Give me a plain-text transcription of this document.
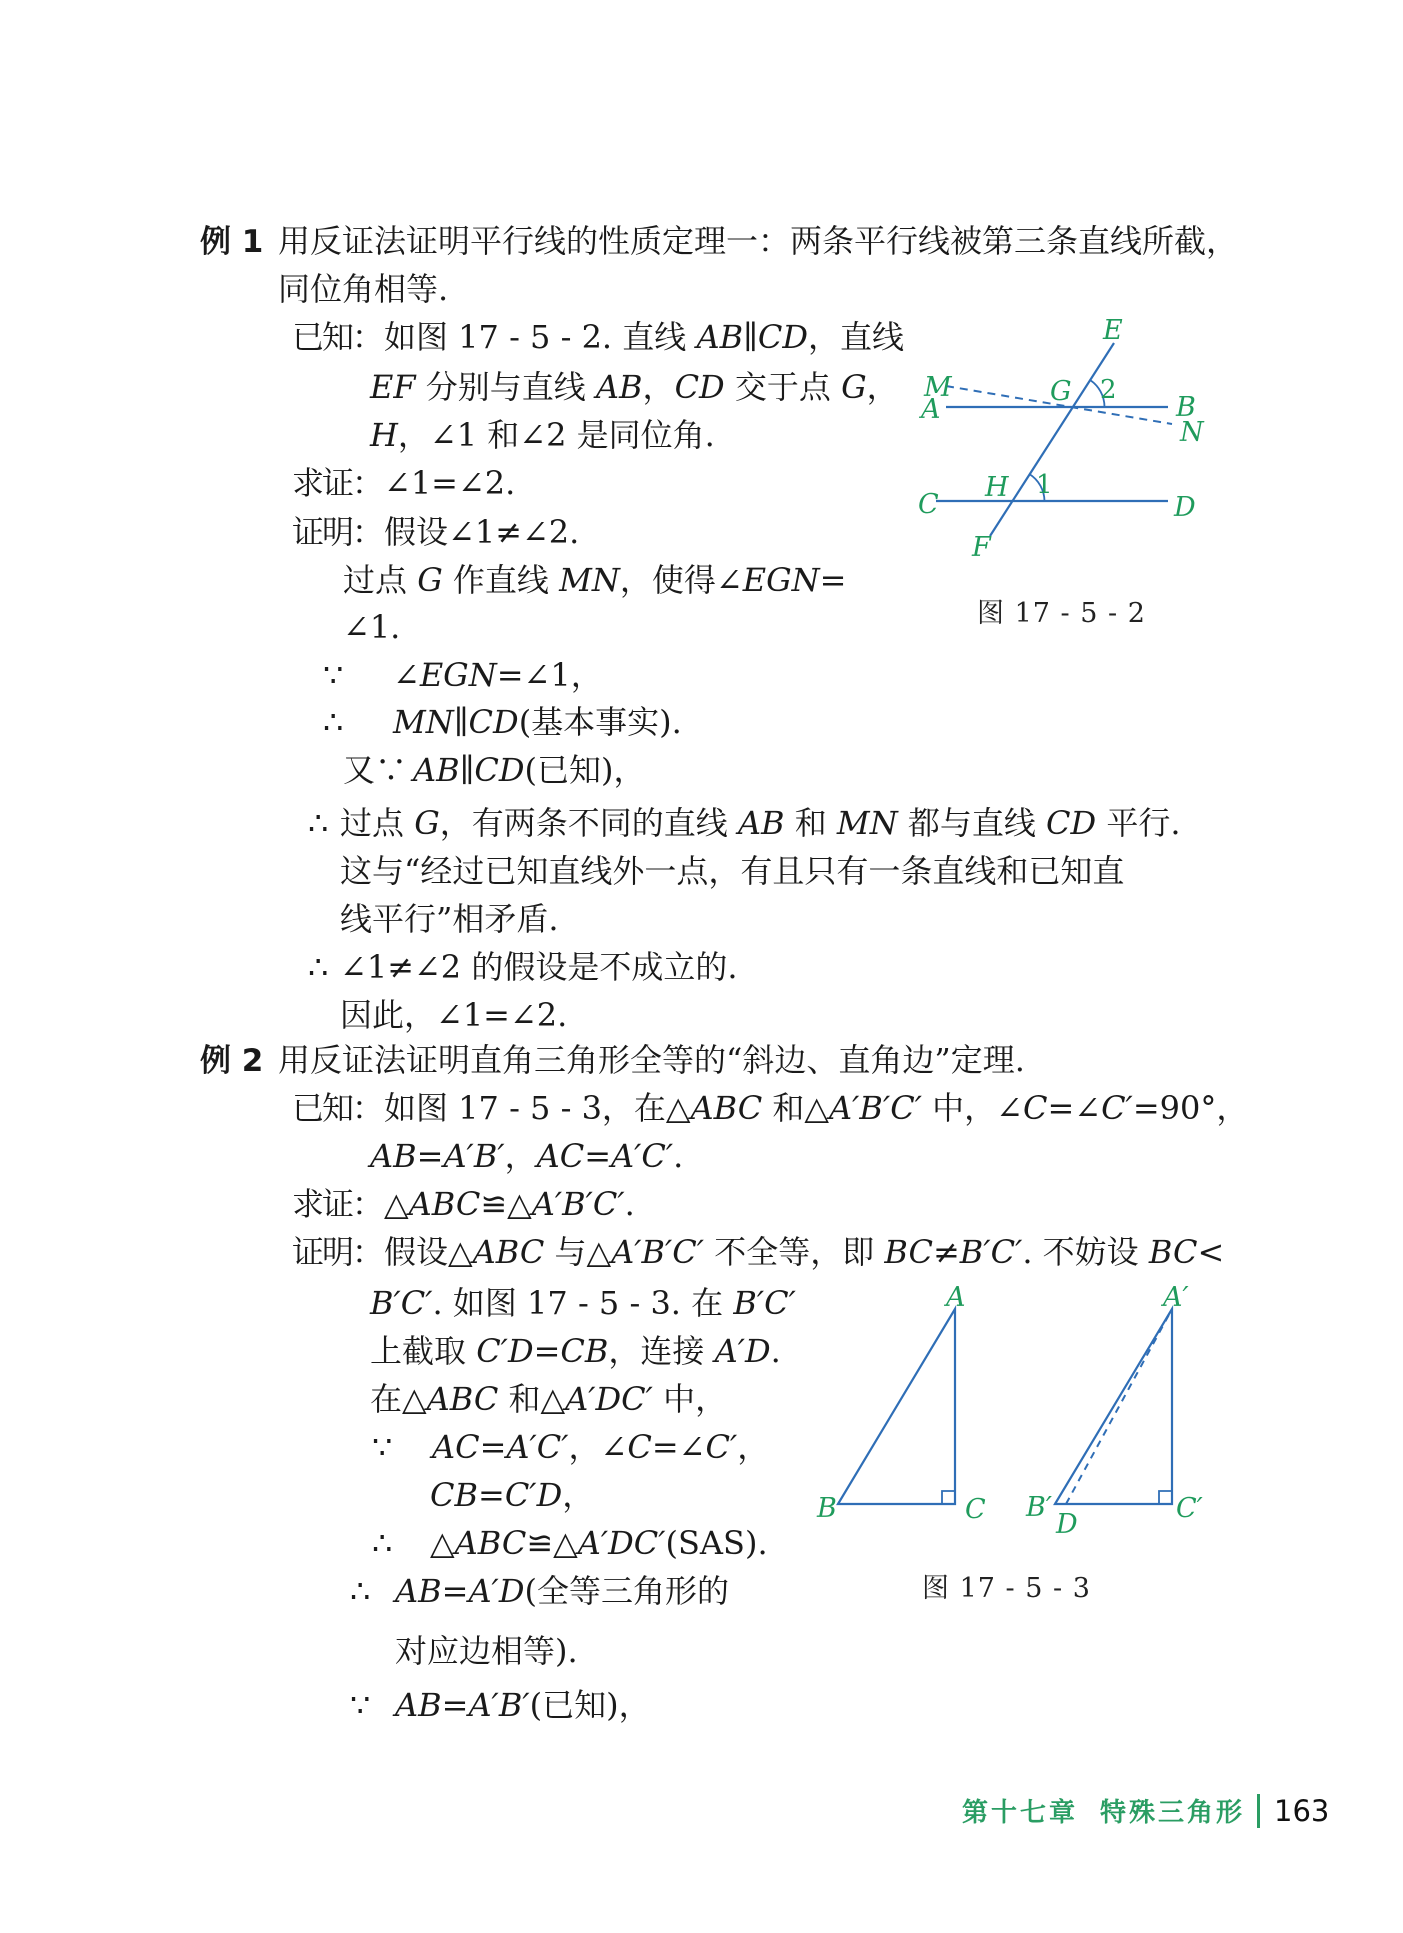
例 1 用反证法证明平行线的性质定理一：两条平行线被第三条直线所截，
同位角相等.
已知：如图 17 - 5 - 2. 直线 AB∥CD，直线
EF 分别与直线 AB，CD 交于点 G，
H，∠1 和∠2 是同位角.
求证：∠1=∠2.
证明：假设∠1≠∠2.
过点 G 作直线 MN，使得∠EGN=
∠1.
∵ ∠EGN=∠1，
∴ MN∥CD(基本事实).
又∵ AB∥CD(已知)，
∴ 过点 G，有两条不同的直线 AB 和 MN 都与直线 CD 平行.
这与“经过已知直线外一点，有且只有一条直线和已知直
线平行”相矛盾.
∴ ∠1≠∠2 的假设是不成立的.
因此，∠1=∠2.
E
M
A	B
N
G
H
C	D
F
2
1
图 17 - 5 - 2
例 2 用反证法证明直角三角形全等的“斜边、直角边”定理.
已知：如图 17 - 5 - 3，在△ABC 和△A′B′C′ 中，∠C=∠C′=90°，
AB=A′B′，AC=A′C′.
求证：△ABC≌△A′B′C′.
证明：假设△ABC 与△A′B′C′ 不全等，即 BC≠B′C′. 不妨设 BC<
B′C′. 如图 17 - 5 - 3. 在 B′C′
上截取 C′D=CB，连接 A′D.
在△ABC 和△A′DC′ 中，
∵ AC=A′C′，∠C=∠C′，
CB=C′D，
∴ △ABC≌△A′DC′(SAS).
∴ AB=A′D(全等三角形的
对应边相等).
∵ AB=A′B′(已知)，
A
B	C
A′
B′
D
C′
图 17 - 5 - 3
第十七章 特殊三角形 163
